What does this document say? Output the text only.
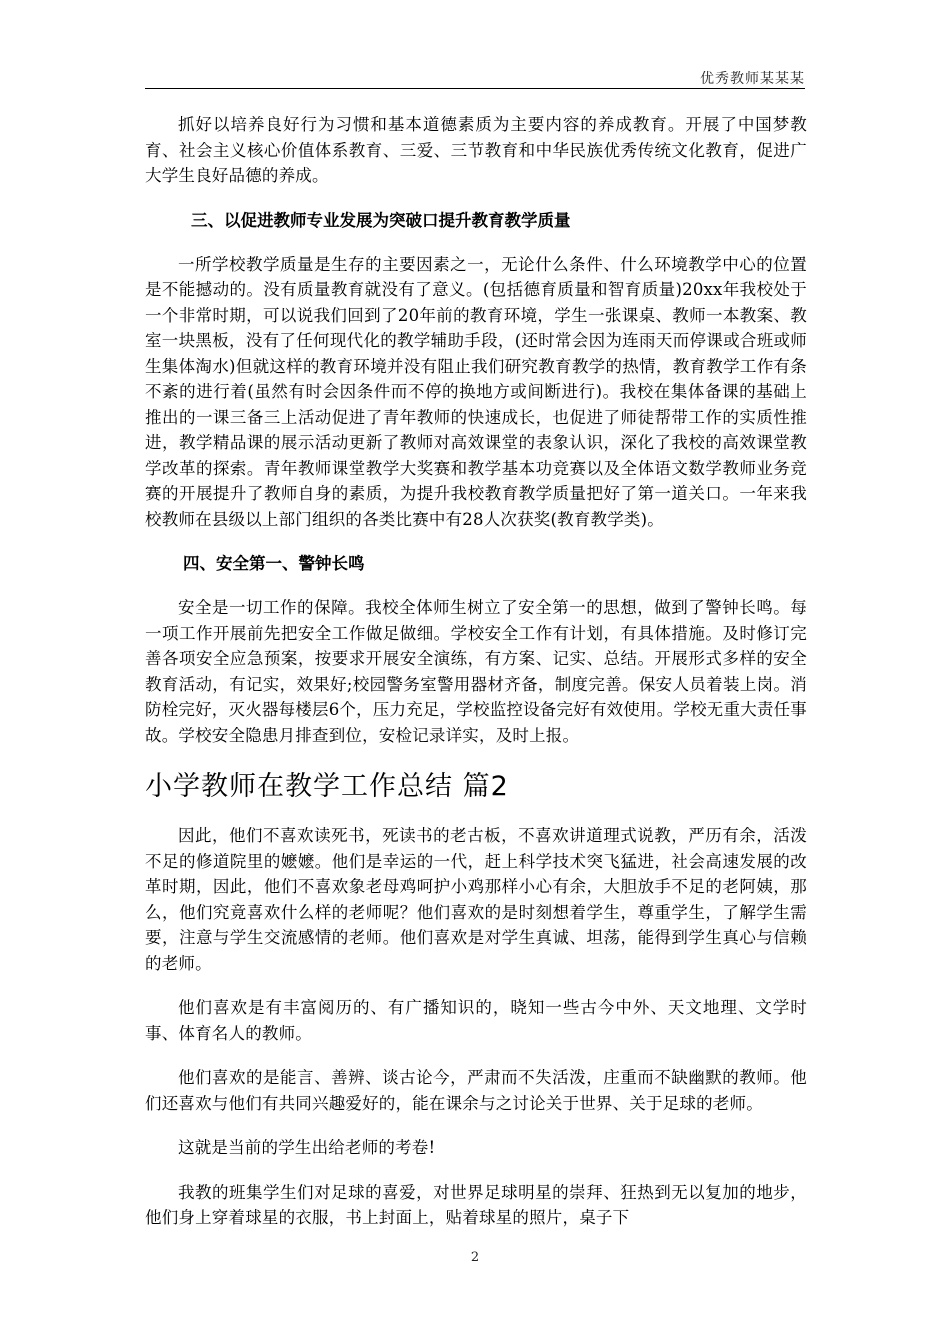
优秀教师某某某

抓好以培养良好行为习惯和基本道德素质为主要内容的养成教育。开展了中国梦教育、社会主义核心价值体系教育、三爱、三节教育和中华民族优秀传统文化教育，促进广大学生良好品德的养成。

三、以促进教师专业发展为突破口提升教育教学质量

一所学校教学质量是生存的主要因素之一，无论什么条件、什么环境教学中心的位置是不能撼动的。没有质量教育就没有了意义。(包括德育质量和智育质量)20xx年我校处于一个非常时期，可以说我们回到了20年前的教育环境，学生一张课桌、教师一本教案、教室一块黑板，没有了任何现代化的教学辅助手段，(还时常会因为连雨天而停课或合班或师生集体淘水)但就这样的教育环境并没有阻止我们研究教育教学的热情，教育教学工作有条不紊的进行着(虽然有时会因条件而不停的换地方或间断进行)。我校在集体备课的基础上推出的一课三备三上活动促进了青年教师的快速成长，也促进了师徒帮带工作的实质性推进，教学精品课的展示活动更新了教师对高效课堂的表象认识，深化了我校的高效课堂教学改革的探索。青年教师课堂教学大奖赛和教学基本功竞赛以及全体语文数学教师业务竞赛的开展提升了教师自身的素质，为提升我校教育教学质量把好了第一道关口。一年来我校教师在县级以上部门组织的各类比赛中有28人次获奖(教育教学类)。

四、安全第一、警钟长鸣

安全是一切工作的保障。我校全体师生树立了安全第一的思想，做到了警钟长鸣。每一项工作开展前先把安全工作做足做细。学校安全工作有计划，有具体措施。及时修订完善各项安全应急预案，按要求开展安全演练，有方案、记实、总结。开展形式多样的安全教育活动，有记实，效果好;校园警务室警用器材齐备，制度完善。保安人员着装上岗。消防栓完好，灭火器每楼层6个，压力充足，学校监控设备完好有效使用。学校无重大责任事故。学校安全隐患月排查到位，安检记录详实，及时上报。

小学教师在教学工作总结 篇2

因此，他们不喜欢读死书，死读书的老古板，不喜欢讲道理式说教，严历有余，活泼不足的修道院里的嬷嬷。他们是幸运的一代，赶上科学技术突飞猛进，社会高速发展的改革时期，因此，他们不喜欢象老母鸡呵护小鸡那样小心有余，大胆放手不足的老阿姨，那么，他们究竟喜欢什么样的老师呢？他们喜欢的是时刻想着学生，尊重学生，了解学生需要，注意与学生交流感情的老师。他们喜欢是对学生真诚、坦荡，能得到学生真心与信赖的老师。

他们喜欢是有丰富阅历的、有广播知识的，晓知一些古今中外、天文地理、文学时事、体育名人的教师。

他们喜欢的是能言、善辨、谈古论今，严肃而不失活泼，庄重而不缺幽默的教师。他们还喜欢与他们有共同兴趣爱好的，能在课余与之讨论关于世界、关于足球的老师。

这就是当前的学生出给老师的考卷!

我教的班集学生们对足球的喜爱，对世界足球明星的崇拜、狂热到无以复加的地步，他们身上穿着球星的衣服，书上封面上，贴着球星的照片，桌子下

2
